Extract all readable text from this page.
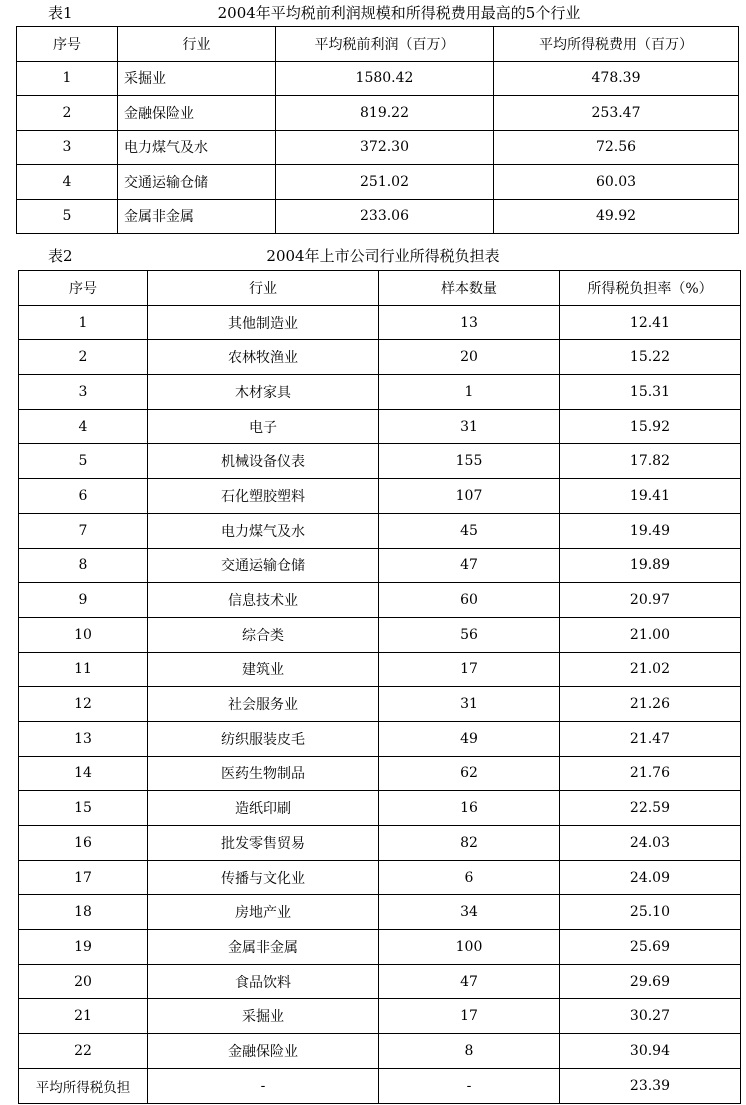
表1	2004年平均税前利润规模和所得税费用最高的5个行业
序号	行业	平均税前利润（百万）	平均所得税费用（百万）
1	采掘业	1580.42	478.39
2	金融保险业	819.22	253.47
3	电力煤气及水	372.30	72.56
4	交通运输仓储	251.02	60.03
5	金属非金属	233.06	49.92
表2	2004年上市公司行业所得税负担表
序号	行业	样本数量	所得税负担率（%）
1	其他制造业	13	12.41
2	农林牧渔业	20	15.22
3	木材家具	1	15.31
4	电子	31	15.92
5	机械设备仪表	155	17.82
6	石化塑胶塑料	107	19.41
7	电力煤气及水	45	19.49
8	交通运输仓储	47	19.89
9	信息技术业	60	20.97
10	综合类	56	21.00
11	建筑业	17	21.02
12	社会服务业	31	21.26
13	纺织服装皮毛	49	21.47
14	医药生物制品	62	21.76
15	造纸印刷	16	22.59
16	批发零售贸易	82	24.03
17	传播与文化业	6	24.09
18	房地产业	34	25.10
19	金属非金属	100	25.69
20	食品饮料	47	29.69
21	采掘业	17	30.27
22	金融保险业	8	30.94
平均所得税负担	-	-	23.39
